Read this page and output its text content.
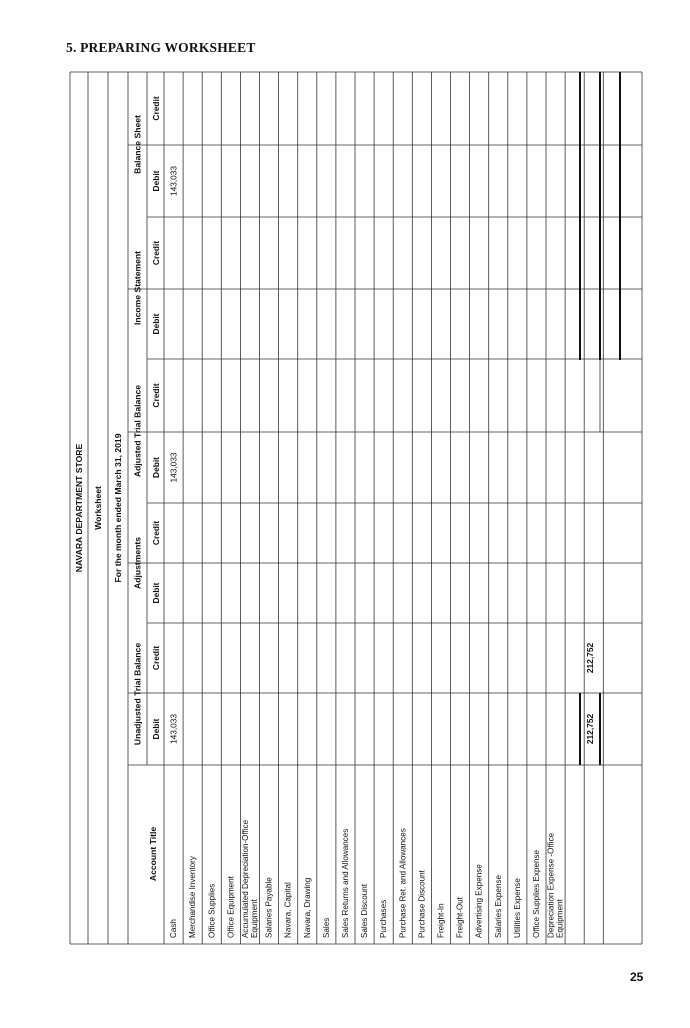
5. PREPARING WORKSHEET
NAVARA DEPARTMENT STORE Worksheet For the month ended March 31, 2019
Unadjusted Trial Balance Debit
Credit
Adjustments
Debit
Credit
Adjusted Trial Balance Debit
Credit
Income Statement Debit
Credit
Balance Sheet
Debit
Credit
Account Title
Cash
143,033
143,033
143,033
Merchandise Inventory Office Supplies Office Equipment Accumulated Depreciation-Office Equipment Salaries Payable Navara, Capital Navara, Drawing Sales Sales Returns and Allowances Sales Discount Purchases Purchase Ret. and Allowances Purchase Discount Freight-In Freight-Out Advertising Expense Salaries Expense Utilities Expense Office Supplies Expense Depreciation Expense -Office Equipment
212,752
212,752
25
